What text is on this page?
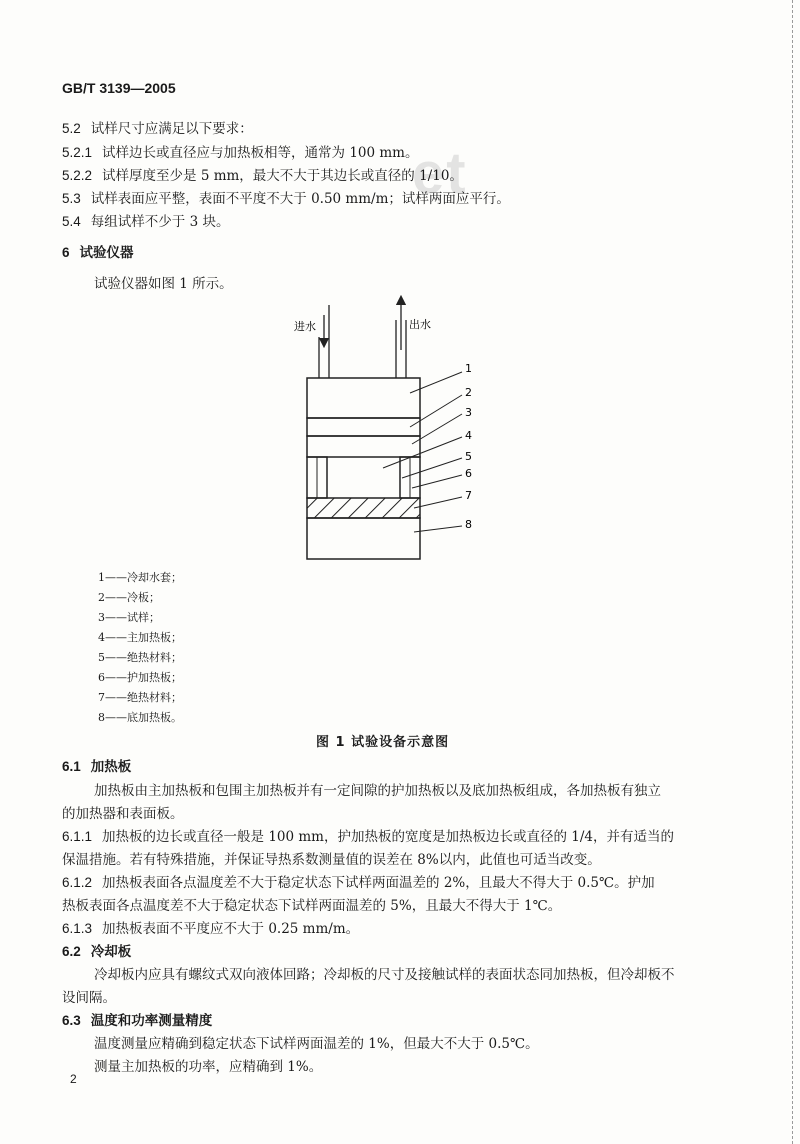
et
GB/T 3139—2005
5.2 试样尺寸应满足以下要求：
5.2.1 试样边长或直径应与加热板相等，通常为 100 mm。
5.2.2 试样厚度至少是 5 mm，最大不大于其边长或直径的 1/10。
5.3 试样表面应平整，表面不平度不大于 0.50 mm/m；试样两面应平行。
5.4 每组试样不少于 3 块。
6 试验仪器
试验仪器如图 1 所示。
进水	出水
1
2
3
4
5
6
7
8
1——冷却水套；
2——冷板；
3——试样；
4——主加热板；
5——绝热材料；
6——护加热板；
7——绝热材料；
8——底加热板。
图 1 试验设备示意图
6.1 加热板
加热板由主加热板和包围主加热板并有一定间隙的护加热板以及底加热板组成，各加热板有独立
的加热器和表面板。
6.1.1 加热板的边长或直径一般是 100 mm，护加热板的宽度是加热板边长或直径的 1/4，并有适当的
保温措施。若有特殊措施，并保证导热系数测量值的误差在 8%以内，此值也可适当改变。
6.1.2 加热板表面各点温度差不大于稳定状态下试样两面温差的 2%，且最大不得大于 0.5℃。护加
热板表面各点温度差不大于稳定状态下试样两面温差的 5%，且最大不得大于 1℃。
6.1.3 加热板表面不平度应不大于 0.25 mm/m。
6.2 冷却板
冷却板内应具有螺纹式双向液体回路；冷却板的尺寸及接触试样的表面状态同加热板，但冷却板不
设间隔。
6.3 温度和功率测量精度
温度测量应精确到稳定状态下试样两面温差的 1%，但最大不大于 0.5℃。
测量主加热板的功率，应精确到 1%。
2
